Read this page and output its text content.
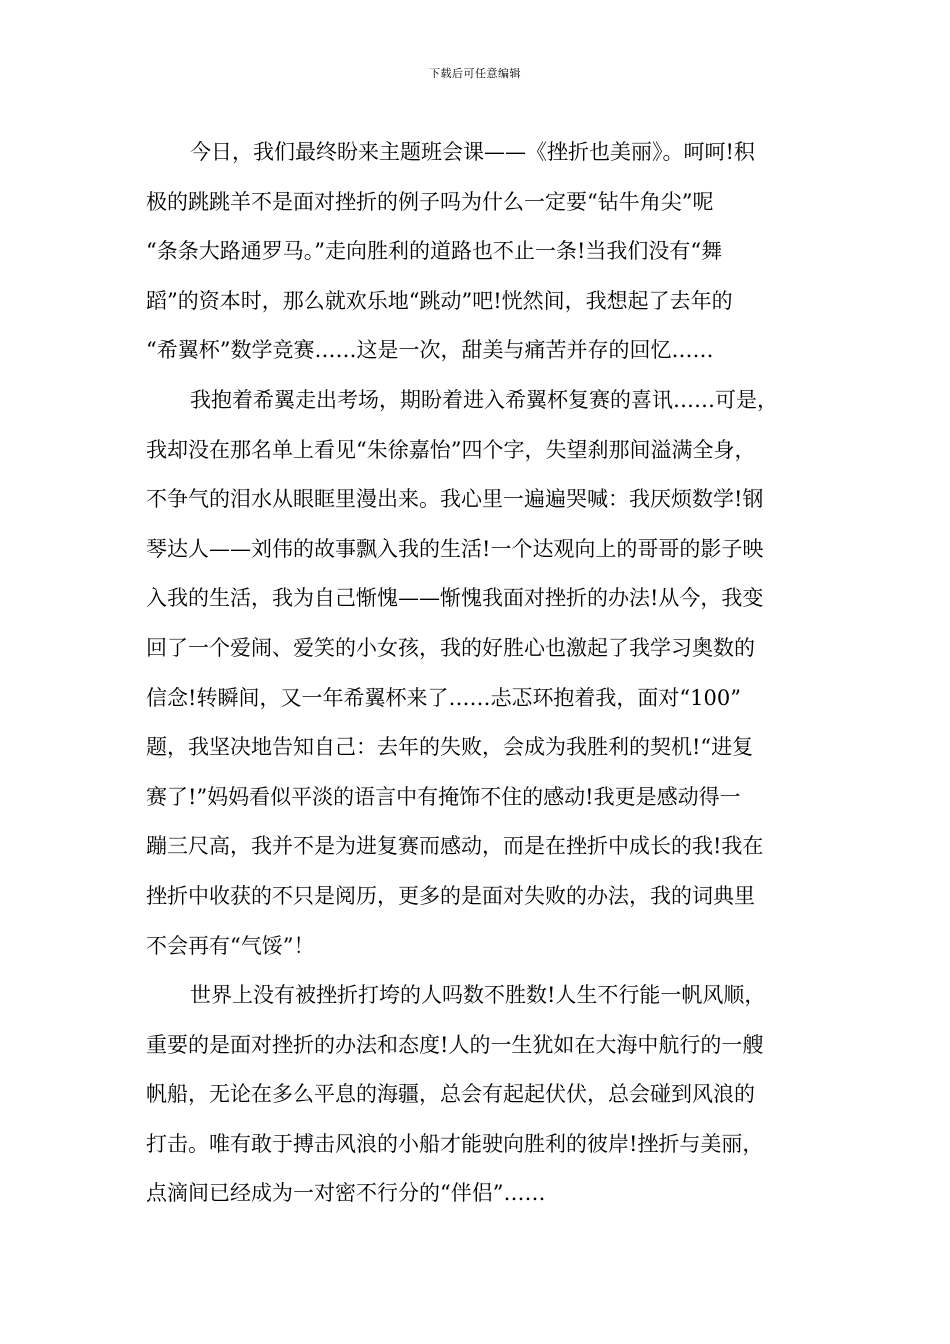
下载后可任意编辑

今日，我们最终盼来主题班会课——《挫折也美丽》。呵呵!积
极的跳跳羊不是面对挫折的例子吗为什么一定要“钻牛角尖”呢
“条条大路通罗马。”走向胜利的道路也不止一条!当我们没有“舞
蹈”的资本时，那么就欢乐地“跳动”吧!恍然间，我想起了去年的
“希翼杯”数学竞赛……这是一次，甜美与痛苦并存的回忆……

我抱着希翼走出考场，期盼着进入希翼杯复赛的喜讯……可是，
我却没在那名单上看见“朱徐嘉怡”四个字，失望刹那间溢满全身，
不争气的泪水从眼眶里漫出来。我心里一遍遍哭喊：我厌烦数学!钢
琴达人——刘伟的故事飘入我的生活!一个达观向上的哥哥的影子映
入我的生活，我为自己惭愧——惭愧我面对挫折的办法!从今，我变
回了一个爱闹、爱笑的小女孩，我的好胜心也激起了我学习奥数的
信念!转瞬间，又一年希翼杯来了……忐忑环抱着我，面对“100”
题，我坚决地告知自己：去年的失败，会成为我胜利的契机!“进复
赛了!”妈妈看似平淡的语言中有掩饰不住的感动!我更是感动得一
蹦三尺高，我并不是为进复赛而感动，而是在挫折中成长的我!我在
挫折中收获的不只是阅历，更多的是面对失败的办法，我的词典里
不会再有“气馁”！

世界上没有被挫折打垮的人吗数不胜数!人生不行能一帆风顺，
重要的是面对挫折的办法和态度!人的一生犹如在大海中航行的一艘
帆船，无论在多么平息的海疆，总会有起起伏伏，总会碰到风浪的
打击。唯有敢于搏击风浪的小船才能驶向胜利的彼岸!挫折与美丽，
点滴间已经成为一对密不行分的“伴侣”……
